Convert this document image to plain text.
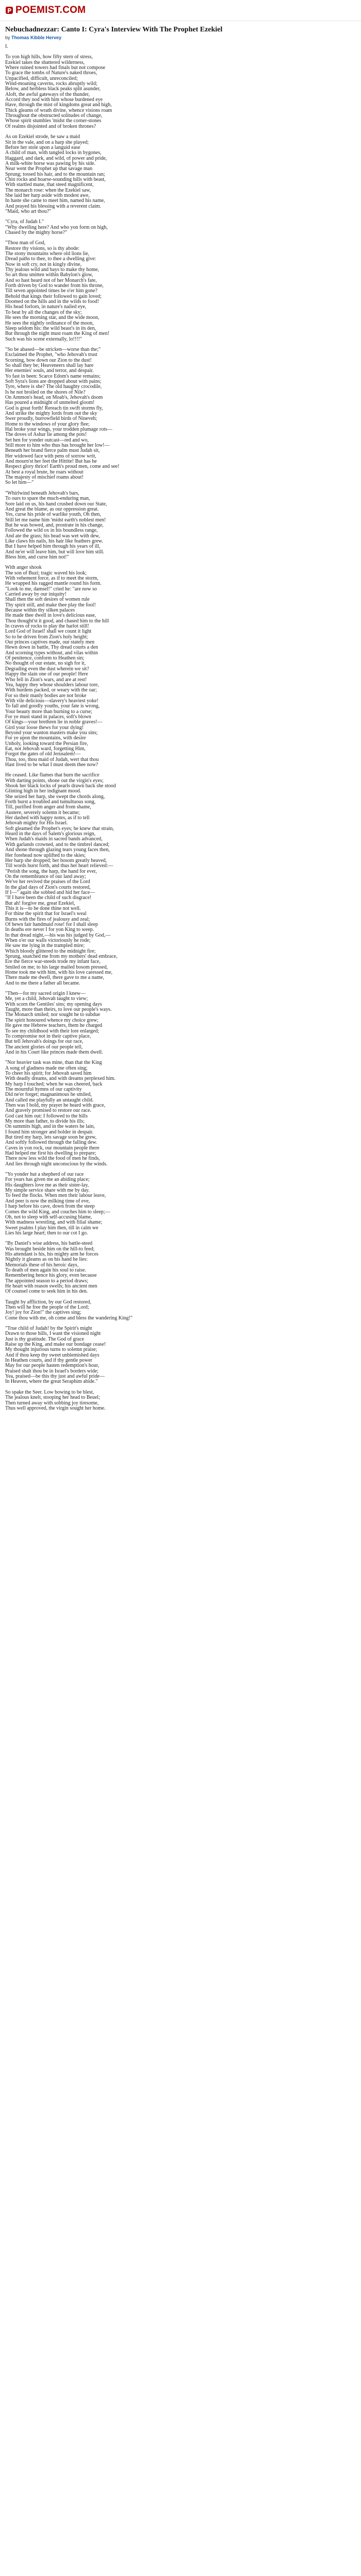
POEMIST.COM
Nebuchadnezzar: Canto I: Cyra's Interview With The Prophet Ezekiel
by Thomas Kibble Hervey

I.

To yon high hills, how fifty stern of stress,
Ezekiel takes the shattered wilderness,
Where ruined towers had finals but not compose
To grace the tombs of Nature's naked throes,
Unpacified, difficult, unreconciled;
Wind-moaning caverns, rocks abruptly wild;
Below, and herbless black peaks split asunder,
Aloft, the awful gateways of the thunder,
Accord they nod with him whose burdened eye
Have, through the mist of kingdoms great and high,
Thick gleams of wrath divine, whence visions roam
Throughout the obstructed solitudes of change,
Whose spirit stumbles 'midst the corner-stones
Of realms disjointed and of broken thrones?

As on Ezekiel strode, he saw a maid
Sit in the vale, and on a harp she played;
Before her stole upon a languid ease
A child of man, with tangled locks in bygones,
Haggard, and dark, and wild, of power and pride,
A milk-white horse was pawing by his side.
Near went the Prophet up that savage man
Sprung; tossed his hair, and to the mountain ran;
Chin rocks and hoarse-sounding hills with beast,
With startled mane, that steed magnificent,
The monarch rose: when the Ezekiel saw,
She laid her harp aside with modest awe,
In haste she came to meet him, named his name,
And prayed his blessing with a reverent claim.
"Maid, who art thou?"

"Cyra, of Judah I."
"Why dwelling here? And who yon form on high,
Chased by the mighty horse?"

"Thou man of God,
Restore thy visions, so is thy abode:
The stony mountains where old lions lie,
Dread paths to thee, to thee a dwelling give:
Now in soft cry, not in kingly divine,
Thy jealous wild and bays to make thy home,
So art thou smitten within Babylon's glow,
And so hast heard not of her Monarch's fate,
Forth driven by God to wander from his throne,
Till seven appointed times be o'er him gone?
Behold that kings their followed to gain loved;
Doomed on the hills and in the wilds to food!
His head forlorn, in nature's nailed eye,
To beat by all the changes of the sky;
He sees the morning star, and the wide moon,
He sees the nightly ordinance of the moon,
Sleep seldom his: the wild beast's in its den,
But through the night must roam the King of men!
Such was his scene externally, lo!!!!"

"So be abased—be stricken—worse than the;"
Exclaimed the Prophet, "who Jehovah's trust
Scorning, bow down our Zion to the dust!
So shall they be; Heaveneers shall lay bare
Her enemies' souls, and terror, and despair.
Yo fast in been: Scarce Edom's name remains;
Soft Syra's lions are dropped about with pains;
Tyre, where is she? The old haughty crocodile,
Is he not broiled on the shores of Nile?
On Ammon's head, on Moab's, Jehovah's doom
Has poured a midnight of unmelted gloom!
God is great forth! Rereach tin swift storms fly,
And strike the mighty lords from out the sky
Swer proudly, burrowfield birds of Nineveh;
Home to the windows of your glory flee;
Hal broke your wings, your trodden plumage rots—
The doves of Ashur lie among the pots!
Set hen for yonder outcast—red and wo,
Still more to him who thus has brought her low!—
Beneath her brand fierce palm must Judah sit,
Her widowed face with pens of sorrow writ,
And mourn'st her feet the Hittite! But has he
Respect glory thrice! Earth's proud men, come and see!
At best a royal brute, he roars without
The majesty of mischief roams about!
So let him—"

"Whirlwind beneath Jehovah's bars,
To ours to spare the much-enduring man,
Sore laid on us, his hand crushed down our State,
And great the blame, as our oppression great.
Yes, curse his pride of warlike youth, Oh then,
Still let me name him 'midst earth's noblest men!
But he was bowed, and, prostrate in his change,
Followed the wild ox in his boundless range,
And ate the grass; his head was wet with dew,
Like claws his nails, his hair like feathers grew.
But I have helped him through his years of ill,
And ne'er will leave him, but will love him still.
Bless him, and curse him not!"

With anger shook
The son of Buzi; tragic waved his look;
With vehement force, as if to meet the storm,
He wrapped his ragged mantle round his form.
"Look to me, damsel!" cried he: "are now so
Carried away by our iniquity!
Shall then the soft desires of women rule
Thy spirit still, and make thee play the fool!
Because within thy silken palaces
He made thee dwell in love's delicious ease,
Thou thought'st it good, and chased him to the hill
In craves of rocks to play the harlot still!
Lord God of Israel! shall we count it light
So to be driven from Zion's holy height;
Our princes captives made, our stately men
Hewn down in battle, Thy dread courts a den
And scorning types without, and vilas within
Of penitence, conform to Heathen sin;
No thought of our estate, no sigh for it,
Degrading even the dust wherein we sit?
Happy the slain one of our people! Here
Who fell in Zion's wars, and are at rest!
Yea, happy they whose shoulders labour tore,
With burdens packed, or weary with the oar;
For so their manly bodies are not broke
With vile delicious—slavery's heaviest yoke!
To fall and goodly youths, your fate is wrong,
Your beauty more than burning to a curse;
For ye must stand in palaces, soft's blown
Of kings—your brethren lie in noble graves!—
Gird your loose thews for your dying!
Beyond your wanton masters make you sins;
For ye upon the mountains, with desire
Unholy, looking toward the Persian fire,
Eat, not Jehovah ward, forgetting Him,
Forgot the gates of old Jerusalem!—
Thou, too, thou maid of Judah, wert that thou
Hast lived to be what I must deem thee now?

He ceased. Like flames that burn the sacrifice
With darting points, shone out the virgin's eyes;
Shook her black locks of pearls drawn back she stood
Glinting high in her indignant mood.
She seized her harp, she swept the chords along,
Forth burst a troubled and tumultuous song,
Till, purified from anger and from shame,
Austere, severely solemn it became;
Her dashed with happy notes, as if to tell
Jehovah mighty for His Israel.
Soft gleamed the Prophet's eyes; he knew that strain,
Heard in the days of Salem's glorious reign,
When Judah's maids in sacred bands advanced,
With garlands crowned, and to the timbrel danced;
And shone through glazing tears young faces then,
Her forehead now uplifted to the skies;
Her harp she dropped; her bosom greatly heaved,
Till words burst forth, and thus her heart relieved:—
"Perish the song, the harp, the hand for ever,
On the remembrance of our land away;
We've her revived the praises of the Lord
In the glad days of Zion's courts restored,
If I—" again she sobbed and hid her face—
"If I have been the child of such disgrace!
But ah! forgive me, great Ezekiel,
This it is—to be done thine not well.
For thine the spirit that for Israel's weal
Burns with the fires of jealousy and zeal;
Of hewn fair handmaid rose! for I shall sleep
In deaths ere never I for yon King to weep.
In that dread night,—his was his judged by God,—
When o'er our walls victoriously he rode;
He saw me lying in the trampled mire;
Which bloody glittered to the midnight fire;
Sprung, snatched me from my mothers' dead embrace,
Ere the fierce war-steeds trode my infant face,
Smiled on me; to his large mailed bosom pressed,
Home took me with him, with his love caressed me,
There made me dwell, there gave to me a name,
And to me there a father all became.

"Then—for my sacred origin I knew—
Me, yet a child, Jehovah taught to view;
With scorn the Gentiles' sins; my opening days
Taught, more than theirs, to love our people's ways.
The Monarch smiled; nor sought he to subdue
The spirit honoured whence my choice grew;
He gave me Hebrew teachers, them he charged
To see my childhood with their lore enlarged;
To compromise not in their captive place,
But tell Jehovah's doings for our race,
The ancient glories of our people tell,
And in his Court like princes made them dwell.

"Nor heavier task was mine, than that the King
A song of gladness made me often sing;
To cheer his spirit; for Jehovah saved him
With deadly dreams, and with dreams perplexed him.
My harp I touched; when he was cheered, back
The mournful hymns of our captivity
Did ne'er forget; magnanimous he smiled,
And called me playfully an untaught child.
Then was I bold, my prayer he heard with grace,
And gravely promised to restore our race.
God cast him out: I followed to the hills
My more than father, to divide his ills;
On summits high, and in the waters he lain,
I found him stronger and bolder in despair.
But tired my harp, lets savage soon he grew,
And softly followed through the falling dew.
Caves in yon rock, our mountain people there
Had helped me first his dwelling to prepare;
There now less wild the food of men he finds,
And lies through night unconscious by the winds.

"Yo yonder hut a shepherd of our race
For years has given me an abiding place;
His daughters love me as their sister-lay,
My simple service share with me by day.
To feed the flocks. When men their labour leave,
And peer is now the milking time of eve,
I harp before his cave, down from the steep
Comes the wild King, and couches him to sleep;—
Oh, not to sleep with self-accusing blame,
With madness wrestling, and with filial shame;
Sweet psalms I play him then, till in calm we
Lies his large heart; then to our cot I go.

"By Daniel's wise address, his battle-steed
Was brought beside him on the hill-to feed;
His attendant is his, his mighty arm he forces
Nightly it gleams as on his hand he lies:
Memorials these of his heroic days,
To death of men again his soul to raise.
Remembering hence his glory, even because
The appointed season to a period draws;
He heart with reason swells; his ancient men
Of counsel come to seek him in his den.

Taught by affliction, by our God restored,
Then will he free the people of the Lord;
Joy! joy for Zion!" the captives sing;
Come thou with me, oh come and bless the wandering King!"

"True child of Judah! by the Spirit's might
Drawn to those hills, I want the visioned night
Just is thy gratitude. The God of grace
Raise up the King, and make our bondage cease!
My thought injurious turns to solemn praise;
And if thou keep thy sweet unblemished days
In Heathen courts, and if thy gentle power
May for our people hasten redemption's hour,
Praised shalt thou be in Israel's borders wide;
Yea, praised—be this thy just and awful pride—
In Heaven, where the great Seraphim abide."

So spake the Seer. Low bowing to be blest,
The jealous knelt, stooping her head to Beuel;
Then turned away with sobbing joy tiresome,
Thus well approved, the virgin sought her home.
